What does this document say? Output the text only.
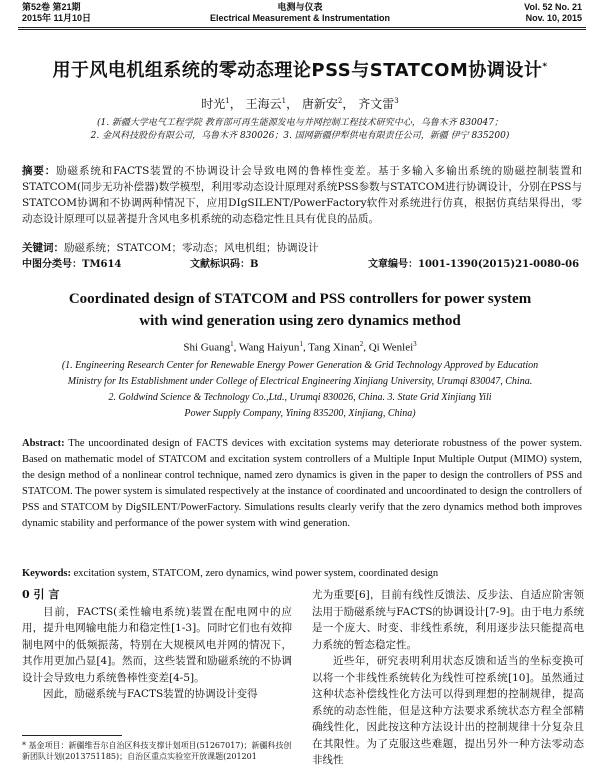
第52卷 第21期
2015年 11月10日
电测与仪表
Electrical Measurement & Instrumentation
Vol. 52 No. 21
Nov. 10, 2015
用于风电机组系统的零动态理论PSS与STATCOM协调设计*
时光$^1$， 王海云$^1$， 唐新安$^2$， 齐文雷$^3$
(1. 新疆大学电气工程学院 教育部可再生能源发电与并网控制工程技术研究中心，乌鲁木齐 830047；
2. 金风科技股份有限公司，乌鲁木齐 830026；3. 国网新疆伊犁供电有限责任公司，新疆 伊宁 835200)
摘要：励磁系统和FACTS装置的不协调设计会导致电网的鲁棒性变差。基于多输入多输出系统的励磁控制装置和STATCOM(同步无功补偿器)数学模型，利用零动态设计原理对系统PSS参数与STATCOM进行协调设计，分别在PSS与STATCOM协调和不协调两种情况下，应用DIgSILENT/PowerFactory软件对系统进行仿真，根据仿真结果得出，零动态设计原理可以显著提升含风电多机系统的动态稳定性且具有优良的品质。
关键词：励磁系统；STATCOM；零动态；风电机组；协调设计
中图分类号：TM614	文献标识码：B	文章编号：1001-1390(2015)21-0080-06
Coordinated design of STATCOM and PSS controllers for power system
with wind generation using zero dynamics method
Shi Guang$^1$, Wang Haiyun$^1$, Tang Xinan$^2$, Qi Wenlei$^3$
(1. Engineering Research Center for Renewable Energy Power Generation & Grid Technology Approved by Education
Ministry for Its Establishment under College of Electrical Engineering Xinjiang University, Urumqi 830047, China.
2. Goldwind Science & Technology Co.,Ltd., Urumqi 830026, China. 3. State Grid Xinjiang Yili
Power Supply Company, Yining 835200, Xinjiang, China)
Abstract: The uncoordinated design of FACTS devices with excitation systems may deteriorate robustness of the power system. Based on mathematic model of STATCOM and excitation system controllers of a Multiple Input Multiple Output (MIMO) system, the design method of a nonlinear control technique, named zero dynamics is given in the paper to design the controllers of PSS and STATCOM. The power system is simulated respectively at the instance of coordinated and uncoordinated to design the controllers of PSS and STATCOM by DigSILENT/PowerFactory. Simulations results clearly verify that the zero dynamics method both improves dynamic stability and performance of the power system with wind generation.
Keywords: excitation system, STATCOM, zero dynamics, wind power system, coordinated design
0 引 言

目前，FACTS(柔性输电系统)装置在配电网中的应用，提升电网输电能力和稳定性[1-3]。同时它们也有效抑制电网中的低频振荡，特别在大规模风电并网的情况下，其作用更加凸显[4]。然而，这些装置和励磁系统的不协调设计会导致电力系统鲁棒性变差[4-5]。

因此，励磁系统与FACTS装置的协调设计变得

尤为重要[6]，目前有线性反馈法、反步法、自适应阶害领法用于励磁系统与FACTS的协调设计[7-9]。由于电力系统是一个庞大、时变、非线性系统，利用逐步法只能提高电力系统的暂态稳定性。

近些年，研究表明利用状态反馈和适当的坐标变换可以将一个非线性系统转化为线性可控系统[10]。虽然通过这种状态补偿线性化方法可以得到理想的控制规律，提高系统的动态性能，但是这种方法要求系统状态方程全部精确线性化，因此按这种方法设计出的控制规律十分复杂且在其限性。为了克服这些难题，提出另外一种方法零动态非线性

* 基金项目：新疆维吾尔自治区科技支撑计划项目(51267017)；新疆科技创新团队计划(2013751185)；自治区重点实验室开放课题(201201
